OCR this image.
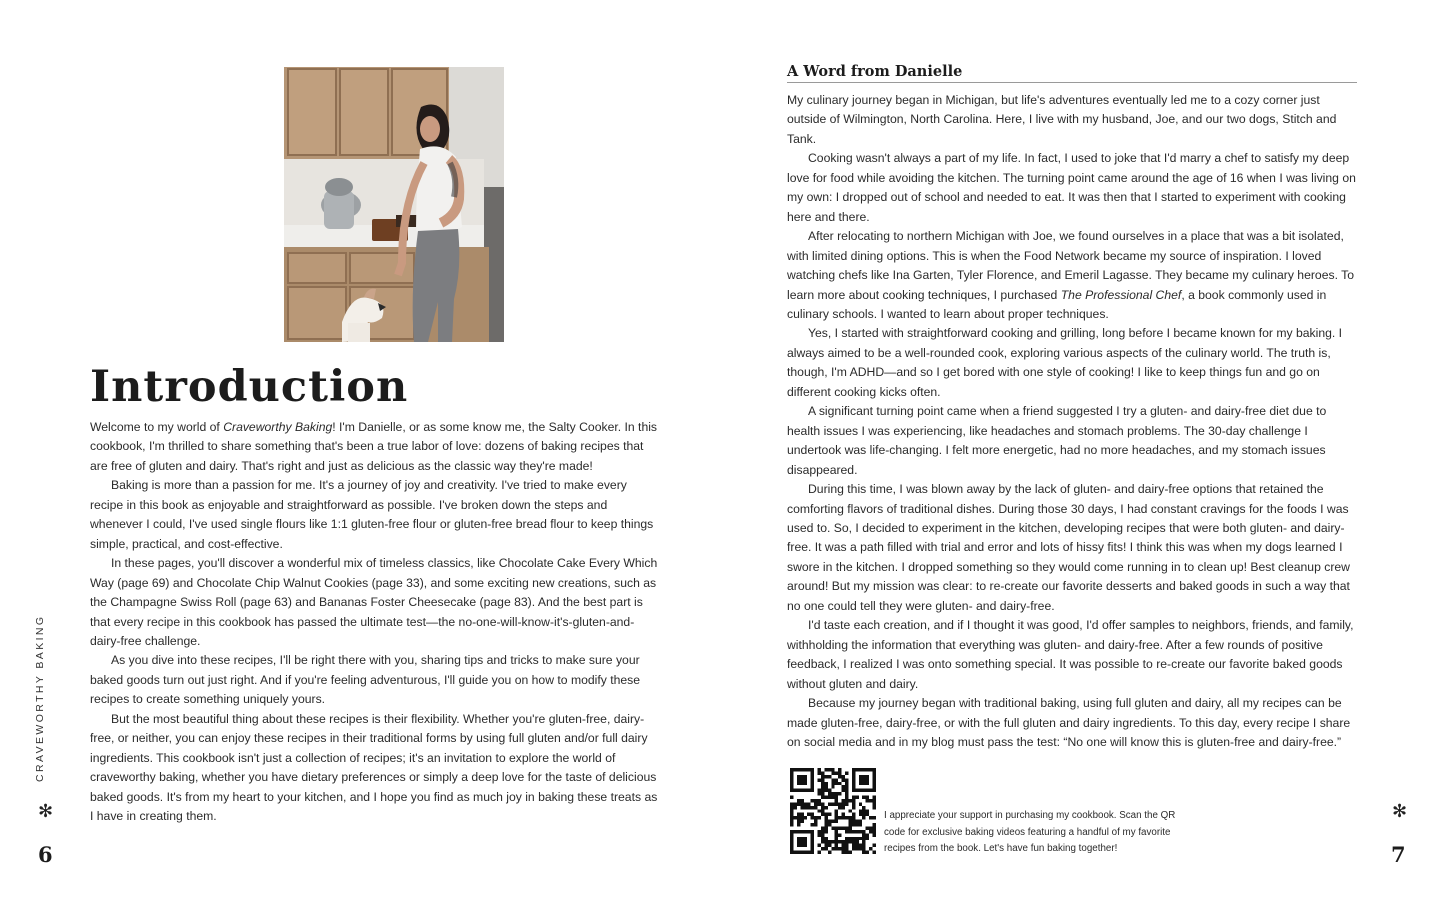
Introduction

Welcome to my world of Craveworthy Baking! I'm Danielle, or as some know me, the Salty Cooker. In this cookbook, I'm thrilled to share something that's been a true labor of love: dozens of baking recipes that are free of gluten and dairy. That's right and just as delicious as the classic way they're made!

Baking is more than a passion for me. It's a journey of joy and creativity. I've tried to make every recipe in this book as enjoyable and straightforward as possible. I've broken down the steps and whenever I could, I've used single flours like 1:1 gluten-free flour or gluten-free bread flour to keep things simple, practical, and cost-effective.

In these pages, you'll discover a wonderful mix of timeless classics, like Chocolate Cake Every Which Way (page 69) and Chocolate Chip Walnut Cookies (page 33), and some exciting new creations, such as the Champagne Swiss Roll (page 63) and Bananas Foster Cheesecake (page 83). And the best part is that every recipe in this cookbook has passed the ultimate test—the no-one-will-know-it's-gluten-and-dairy-free challenge.

As you dive into these recipes, I'll be right there with you, sharing tips and tricks to make sure your baked goods turn out just right. And if you're feeling adventurous, I'll guide you on how to modify these recipes to create something uniquely yours.

But the most beautiful thing about these recipes is their flexibility. Whether you're gluten-free, dairy-free, or neither, you can enjoy these recipes in their traditional forms by using full gluten and/or full dairy ingredients. This cookbook isn't just a collection of recipes; it's an invitation to explore the world of craveworthy baking, whether you have dietary preferences or simply a deep love for the taste of delicious baked goods. It's from my heart to your kitchen, and I hope you find as much joy in baking these treats as I have in creating them.

CRAVEWORTHY BAKING
✻
6
A Word from Danielle

My culinary journey began in Michigan, but life's adventures eventually led me to a cozy corner just outside of Wilmington, North Carolina. Here, I live with my husband, Joe, and our two dogs, Stitch and Tank.

Cooking wasn't always a part of my life. In fact, I used to joke that I'd marry a chef to satisfy my deep love for food while avoiding the kitchen. The turning point came around the age of 16 when I was living on my own: I dropped out of school and needed to eat. It was then that I started to experiment with cooking here and there.

After relocating to northern Michigan with Joe, we found ourselves in a place that was a bit isolated, with limited dining options. This is when the Food Network became my source of inspiration. I loved watching chefs like Ina Garten, Tyler Florence, and Emeril Lagasse. They became my culinary heroes. To learn more about cooking techniques, I purchased The Professional Chef, a book commonly used in culinary schools. I wanted to learn about proper techniques.

Yes, I started with straightforward cooking and grilling, long before I became known for my baking. I always aimed to be a well-rounded cook, exploring various aspects of the culinary world. The truth is, though, I'm ADHD—and so I get bored with one style of cooking! I like to keep things fun and go on different cooking kicks often.

A significant turning point came when a friend suggested I try a gluten- and dairy-free diet due to health issues I was experiencing, like headaches and stomach problems. The 30-day challenge I undertook was life-changing. I felt more energetic, had no more headaches, and my stomach issues disappeared.

During this time, I was blown away by the lack of gluten- and dairy-free options that retained the comforting flavors of traditional dishes. During those 30 days, I had constant cravings for the foods I was used to. So, I decided to experiment in the kitchen, developing recipes that were both gluten- and dairy-free. It was a path filled with trial and error and lots of hissy fits! I think this was when my dogs learned I swore in the kitchen. I dropped something so they would come running in to clean up! Best cleanup crew around! But my mission was clear: to re-create our favorite desserts and baked goods in such a way that no one could tell they were gluten- and dairy-free.

I'd taste each creation, and if I thought it was good, I'd offer samples to neighbors, friends, and family, withholding the information that everything was gluten- and dairy-free. After a few rounds of positive feedback, I realized I was onto something special. It was possible to re-create our favorite baked goods without gluten and dairy.

Because my journey began with traditional baking, using full gluten and dairy, all my recipes can be made gluten-free, dairy-free, or with the full gluten and dairy ingredients. To this day, every recipe I share on social media and in my blog must pass the test: “No one will know this is gluten-free and dairy-free.”

I appreciate your support in purchasing my cookbook. Scan the QR code for exclusive baking videos featuring a handful of my favorite recipes from the book. Let's have fun baking together!
✻
7
